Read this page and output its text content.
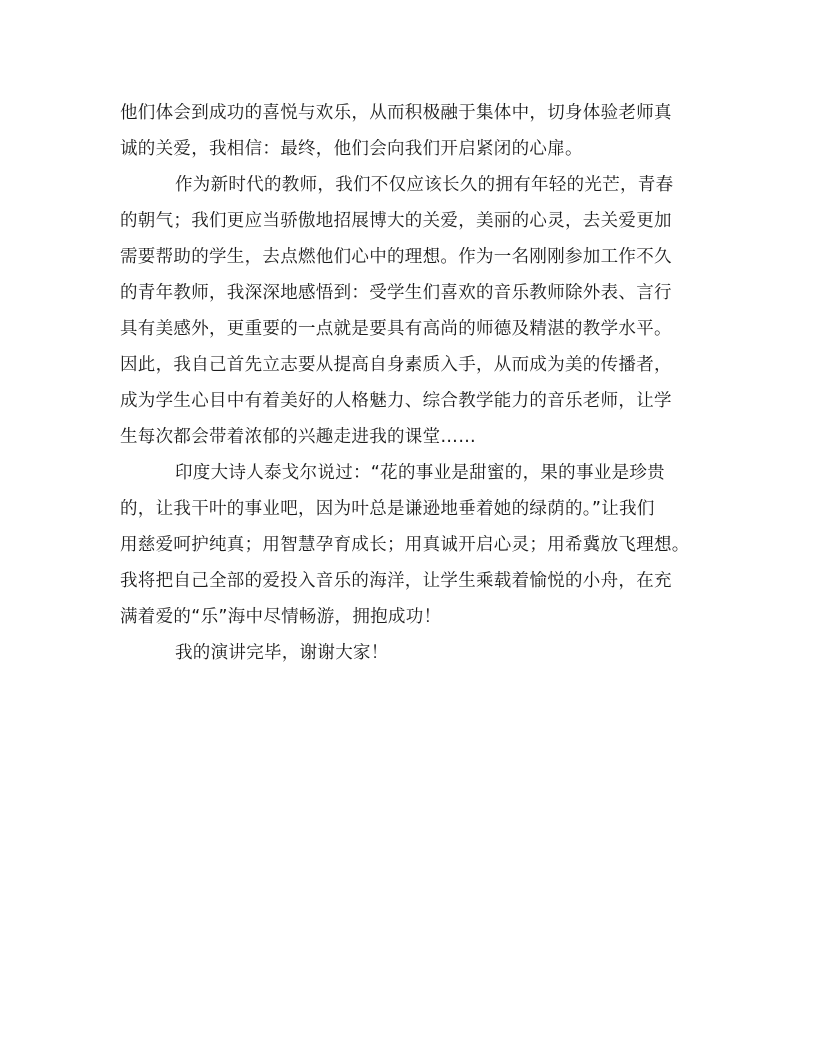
他们体会到成功的喜悦与欢乐，从而积极融于集体中，切身体验老师真
诚的关爱，我相信：最终，他们会向我们开启紧闭的心扉。
作为新时代的教师，我们不仅应该长久的拥有年轻的光芒，青春
的朝气；我们更应当骄傲地招展博大的关爱，美丽的心灵，去关爱更加
需要帮助的学生，去点燃他们心中的理想。作为一名刚刚参加工作不久
的青年教师，我深深地感悟到：受学生们喜欢的音乐教师除外表、言行
具有美感外，更重要的一点就是要具有高尚的师德及精湛的教学水平。
因此，我自己首先立志要从提高自身素质入手，从而成为美的传播者，
成为学生心目中有着美好的人格魅力、综合教学能力的音乐老师，让学
生每次都会带着浓郁的兴趣走进我的课堂……
印度大诗人泰戈尔说过：“花的事业是甜蜜的，果的事业是珍贵
的，让我干叶的事业吧，因为叶总是谦逊地垂着她的绿荫的。”让我们
用慈爱呵护纯真；用智慧孕育成长；用真诚开启心灵；用希冀放飞理想。
我将把自己全部的爱投入音乐的海洋，让学生乘载着愉悦的小舟，在充
满着爱的“乐”海中尽情畅游，拥抱成功！
我的演讲完毕，谢谢大家！
